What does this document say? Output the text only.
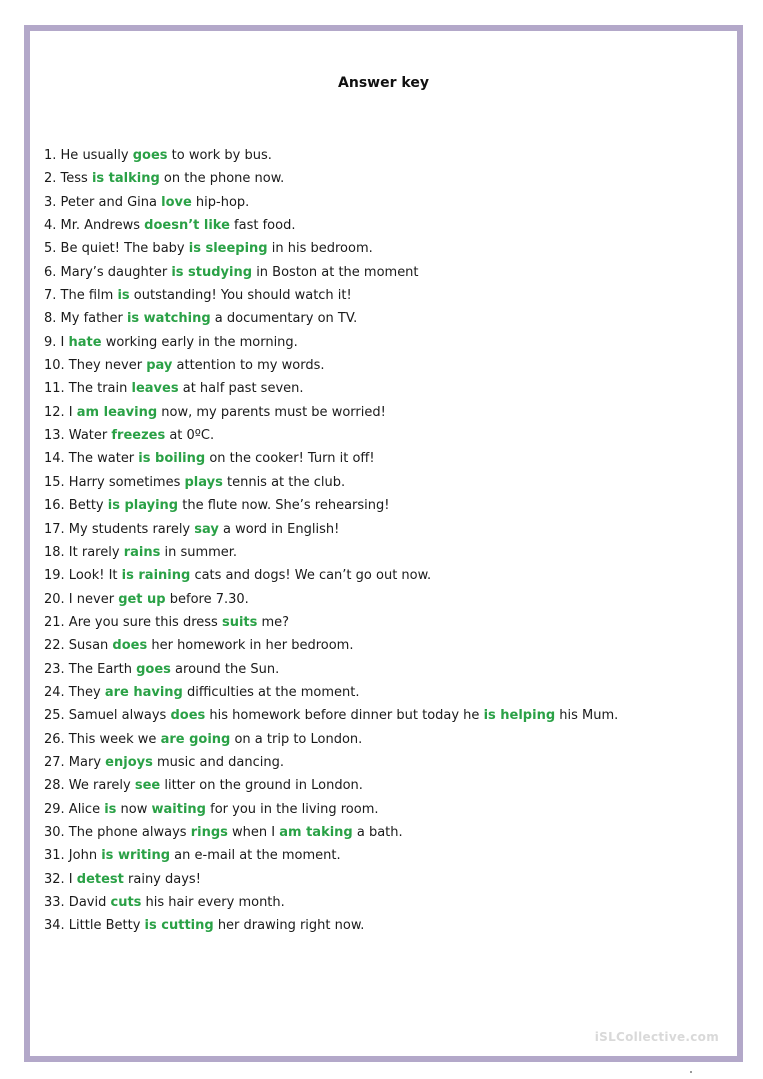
Answer key
1. He usually goes to work by bus.
2. Tess is talking on the phone now.
3. Peter and Gina love hip-hop.
4. Mr. Andrews doesn’t like fast food.
5. Be quiet! The baby is sleeping in his bedroom.
6. Mary’s daughter is studying in Boston at the moment
7. The film is outstanding! You should watch it!
8. My father is watching a documentary on TV.
9. I hate working early in the morning.
10. They never pay attention to my words.
11. The train leaves at half past seven.
12. I am leaving now, my parents must be worried!
13. Water freezes at 0ºC.
14. The water is boiling on the cooker! Turn it off!
15. Harry sometimes plays tennis at the club.
16. Betty is playing the flute now. She’s rehearsing!
17. My students rarely say a word in English!
18. It rarely rains in summer.
19. Look! It is raining cats and dogs! We can’t go out now.
20. I never get up before 7.30.
21. Are you sure this dress suits me?
22. Susan does her homework in her bedroom.
23. The Earth goes around the Sun.
24. They are having difficulties at the moment.
25. Samuel always does his homework before dinner but today he is helping his Mum.
26. This week we are going on a trip to London.
27. Mary enjoys music and dancing.
28. We rarely see litter on the ground in London.
29. Alice is now waiting for you in the living room.
30. The phone always rings when I am taking a bath.
31. John is writing an e-mail at the moment.
32. I detest rainy days!
33. David cuts his hair every month.
34. Little Betty is cutting her drawing right now.
iSLCollective.com
